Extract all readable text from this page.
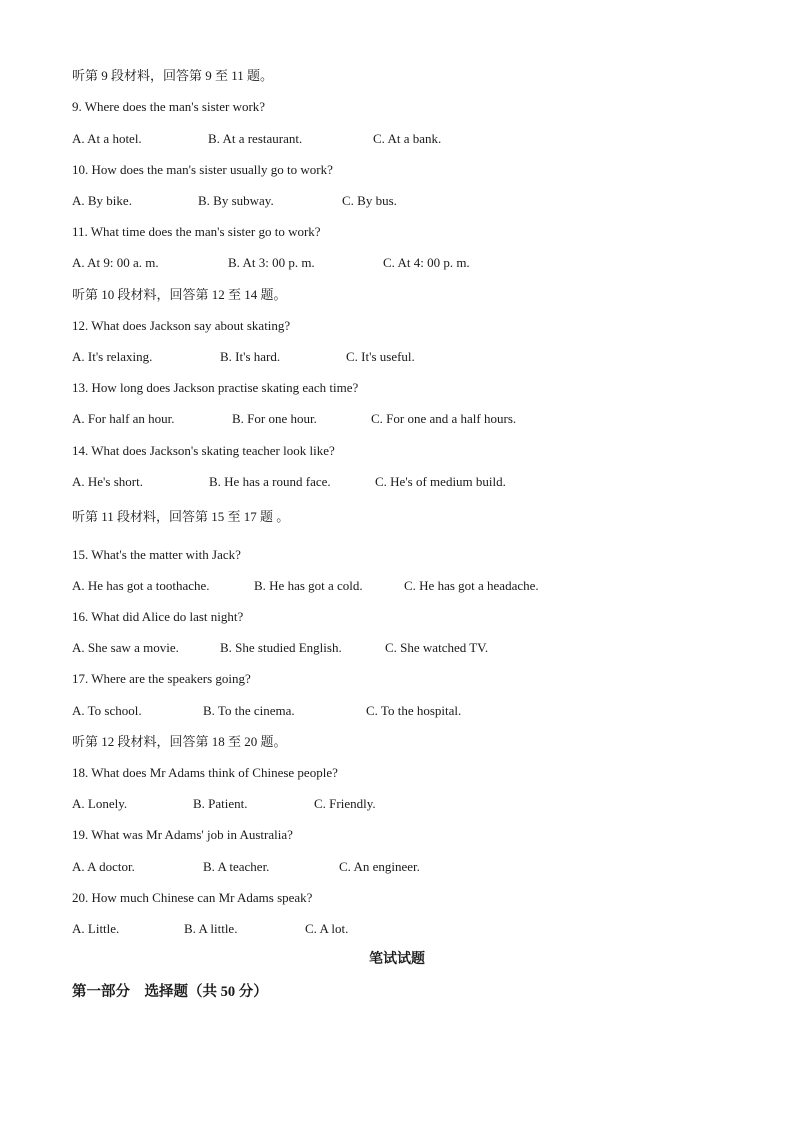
听第 9 段材料，回答第 9 至 11 题。
9. Where does the man's sister work?
A. At a hotel.	B. At a restaurant.	C. At a bank.
10. How does the man's sister usually go to work?
A. By bike.	B. By subway.	C. By bus.
11. What time does the man's sister go to work?
A. At 9: 00 a. m.	B. At 3: 00 p. m.	C. At 4: 00 p. m.
听第 10 段材料，回答第 12 至 14 题。
12. What does Jackson say about skating?
A. It's relaxing.	B. It's hard.	C. It's useful.
13. How long does Jackson practise skating each time?
A. For half an hour.	B. For one hour.	C. For one and a half hours.
14. What does Jackson's skating teacher look like?
A. He's short.	B. He has a round face.	C. He's of medium build.
听第 11 段材料，回答第 15 至 17 题 。
15. What's the matter with Jack?
A. He has got a toothache.	B. He has got a cold.	C. He has got a headache.
16. What did Alice do last night?
A. She saw a movie.	B. She studied English.	C. She watched TV.
17. Where are the speakers going?
A. To school.	B. To the cinema.	C. To the hospital.
听第 12 段材料，回答第 18 至 20 题。
18. What does Mr Adams think of Chinese people?
A. Lonely.	B. Patient.	C. Friendly.
19. What was Mr Adams' job in Australia?
A. A doctor.	B. A teacher.	C. An engineer.
20. How much Chinese can Mr Adams speak?
A. Little.	B. A little.	C. A lot.
笔试试题
第一部分　选择题（共 50 分）
